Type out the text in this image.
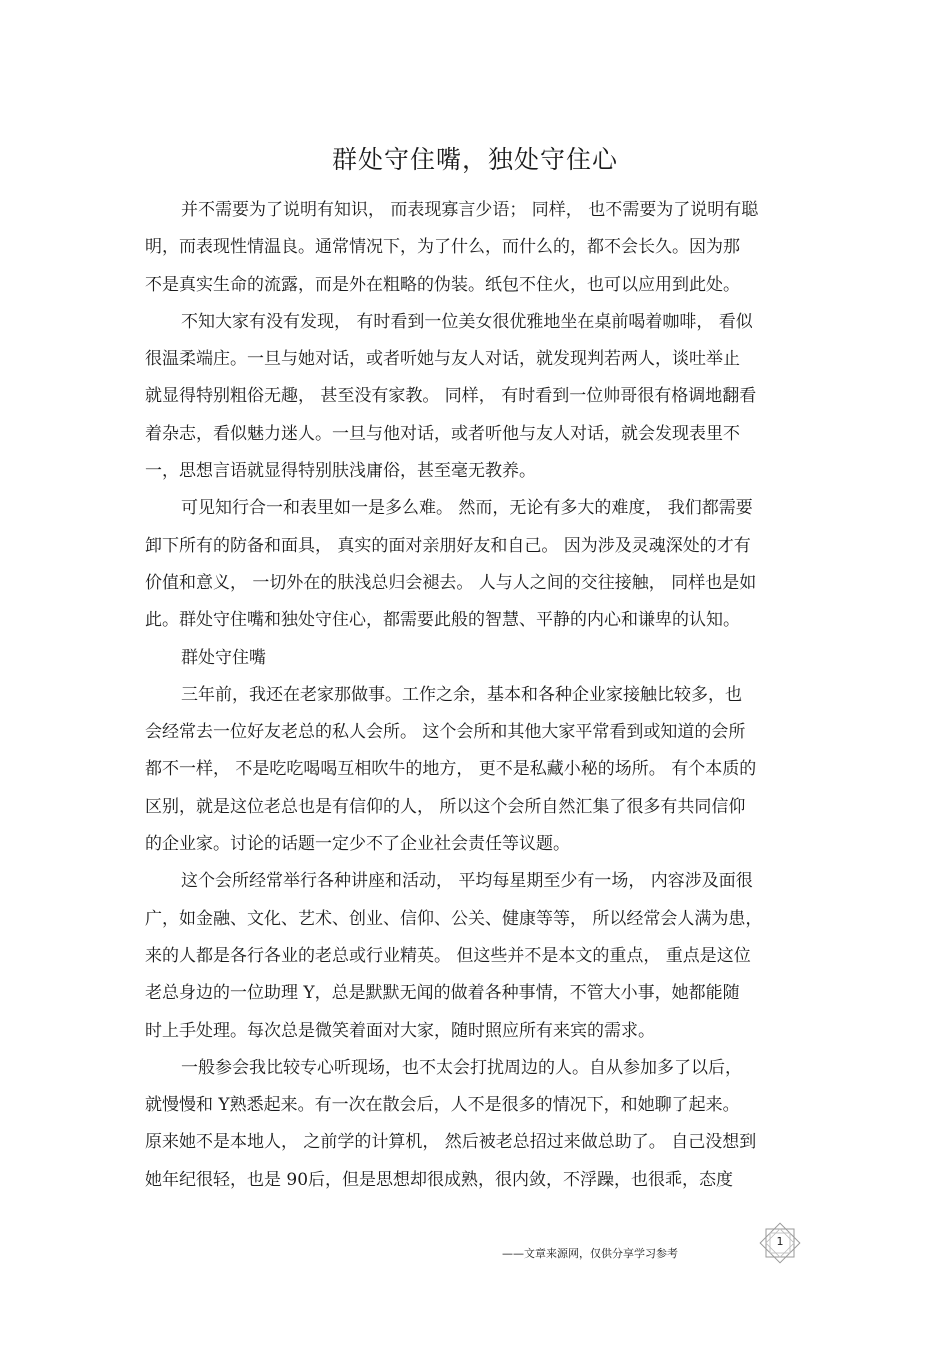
群处守住嘴，独处守住心
并不需要为了说明有知识， 而表现寡言少语； 同样， 也不需要为了说明有聪
明，而表现性情温良。通常情况下，为了什么，而什么的，都不会长久。因为那
不是真实生命的流露，而是外在粗略的伪装。纸包不住火，也可以应用到此处。
不知大家有没有发现， 有时看到一位美女很优雅地坐在桌前喝着咖啡， 看似
很温柔端庄。一旦与她对话，或者听她与友人对话，就发现判若两人，谈吐举止
就显得特别粗俗无趣， 甚至没有家教。 同样， 有时看到一位帅哥很有格调地翻看
着杂志，看似魅力迷人。一旦与他对话，或者听他与友人对话，就会发现表里不
一，思想言语就显得特别肤浅庸俗，甚至毫无教养。
可见知行合一和表里如一是多么难。 然而，无论有多大的难度， 我们都需要
卸下所有的防备和面具， 真实的面对亲朋好友和自己。 因为涉及灵魂深处的才有
价值和意义， 一切外在的肤浅总归会褪去。 人与人之间的交往接触， 同样也是如
此。群处守住嘴和独处守住心，都需要此般的智慧、平静的内心和谦卑的认知。
群处守住嘴
三年前，我还在老家那做事。工作之余，基本和各种企业家接触比较多，也
会经常去一位好友老总的私人会所。 这个会所和其他大家平常看到或知道的会所
都不一样， 不是吃吃喝喝互相吹牛的地方， 更不是私藏小秘的场所。 有个本质的
区别，就是这位老总也是有信仰的人， 所以这个会所自然汇集了很多有共同信仰
的企业家。讨论的话题一定少不了企业社会责任等议题。
这个会所经常举行各种讲座和活动， 平均每星期至少有一场， 内容涉及面很
广，如金融、文化、艺术、创业、信仰、公关、健康等等， 所以经常会人满为患，
来的人都是各行各业的老总或行业精英。 但这些并不是本文的重点， 重点是这位
老总身边的一位助理 Y，总是默默无闻的做着各种事情，不管大小事，她都能随
时上手处理。每次总是微笑着面对大家，随时照应所有来宾的需求。
一般参会我比较专心听现场，也不太会打扰周边的人。自从参加多了以后，
就慢慢和 Y熟悉起来。有一次在散会后，人不是很多的情况下，和她聊了起来。
原来她不是本地人， 之前学的计算机， 然后被老总招过来做总助了。 自己没想到
她年纪很轻，也是 90后，但是思想却很成熟，很内敛，不浮躁，也很乖，态度
1
——文章来源网，仅供分享学习参考
